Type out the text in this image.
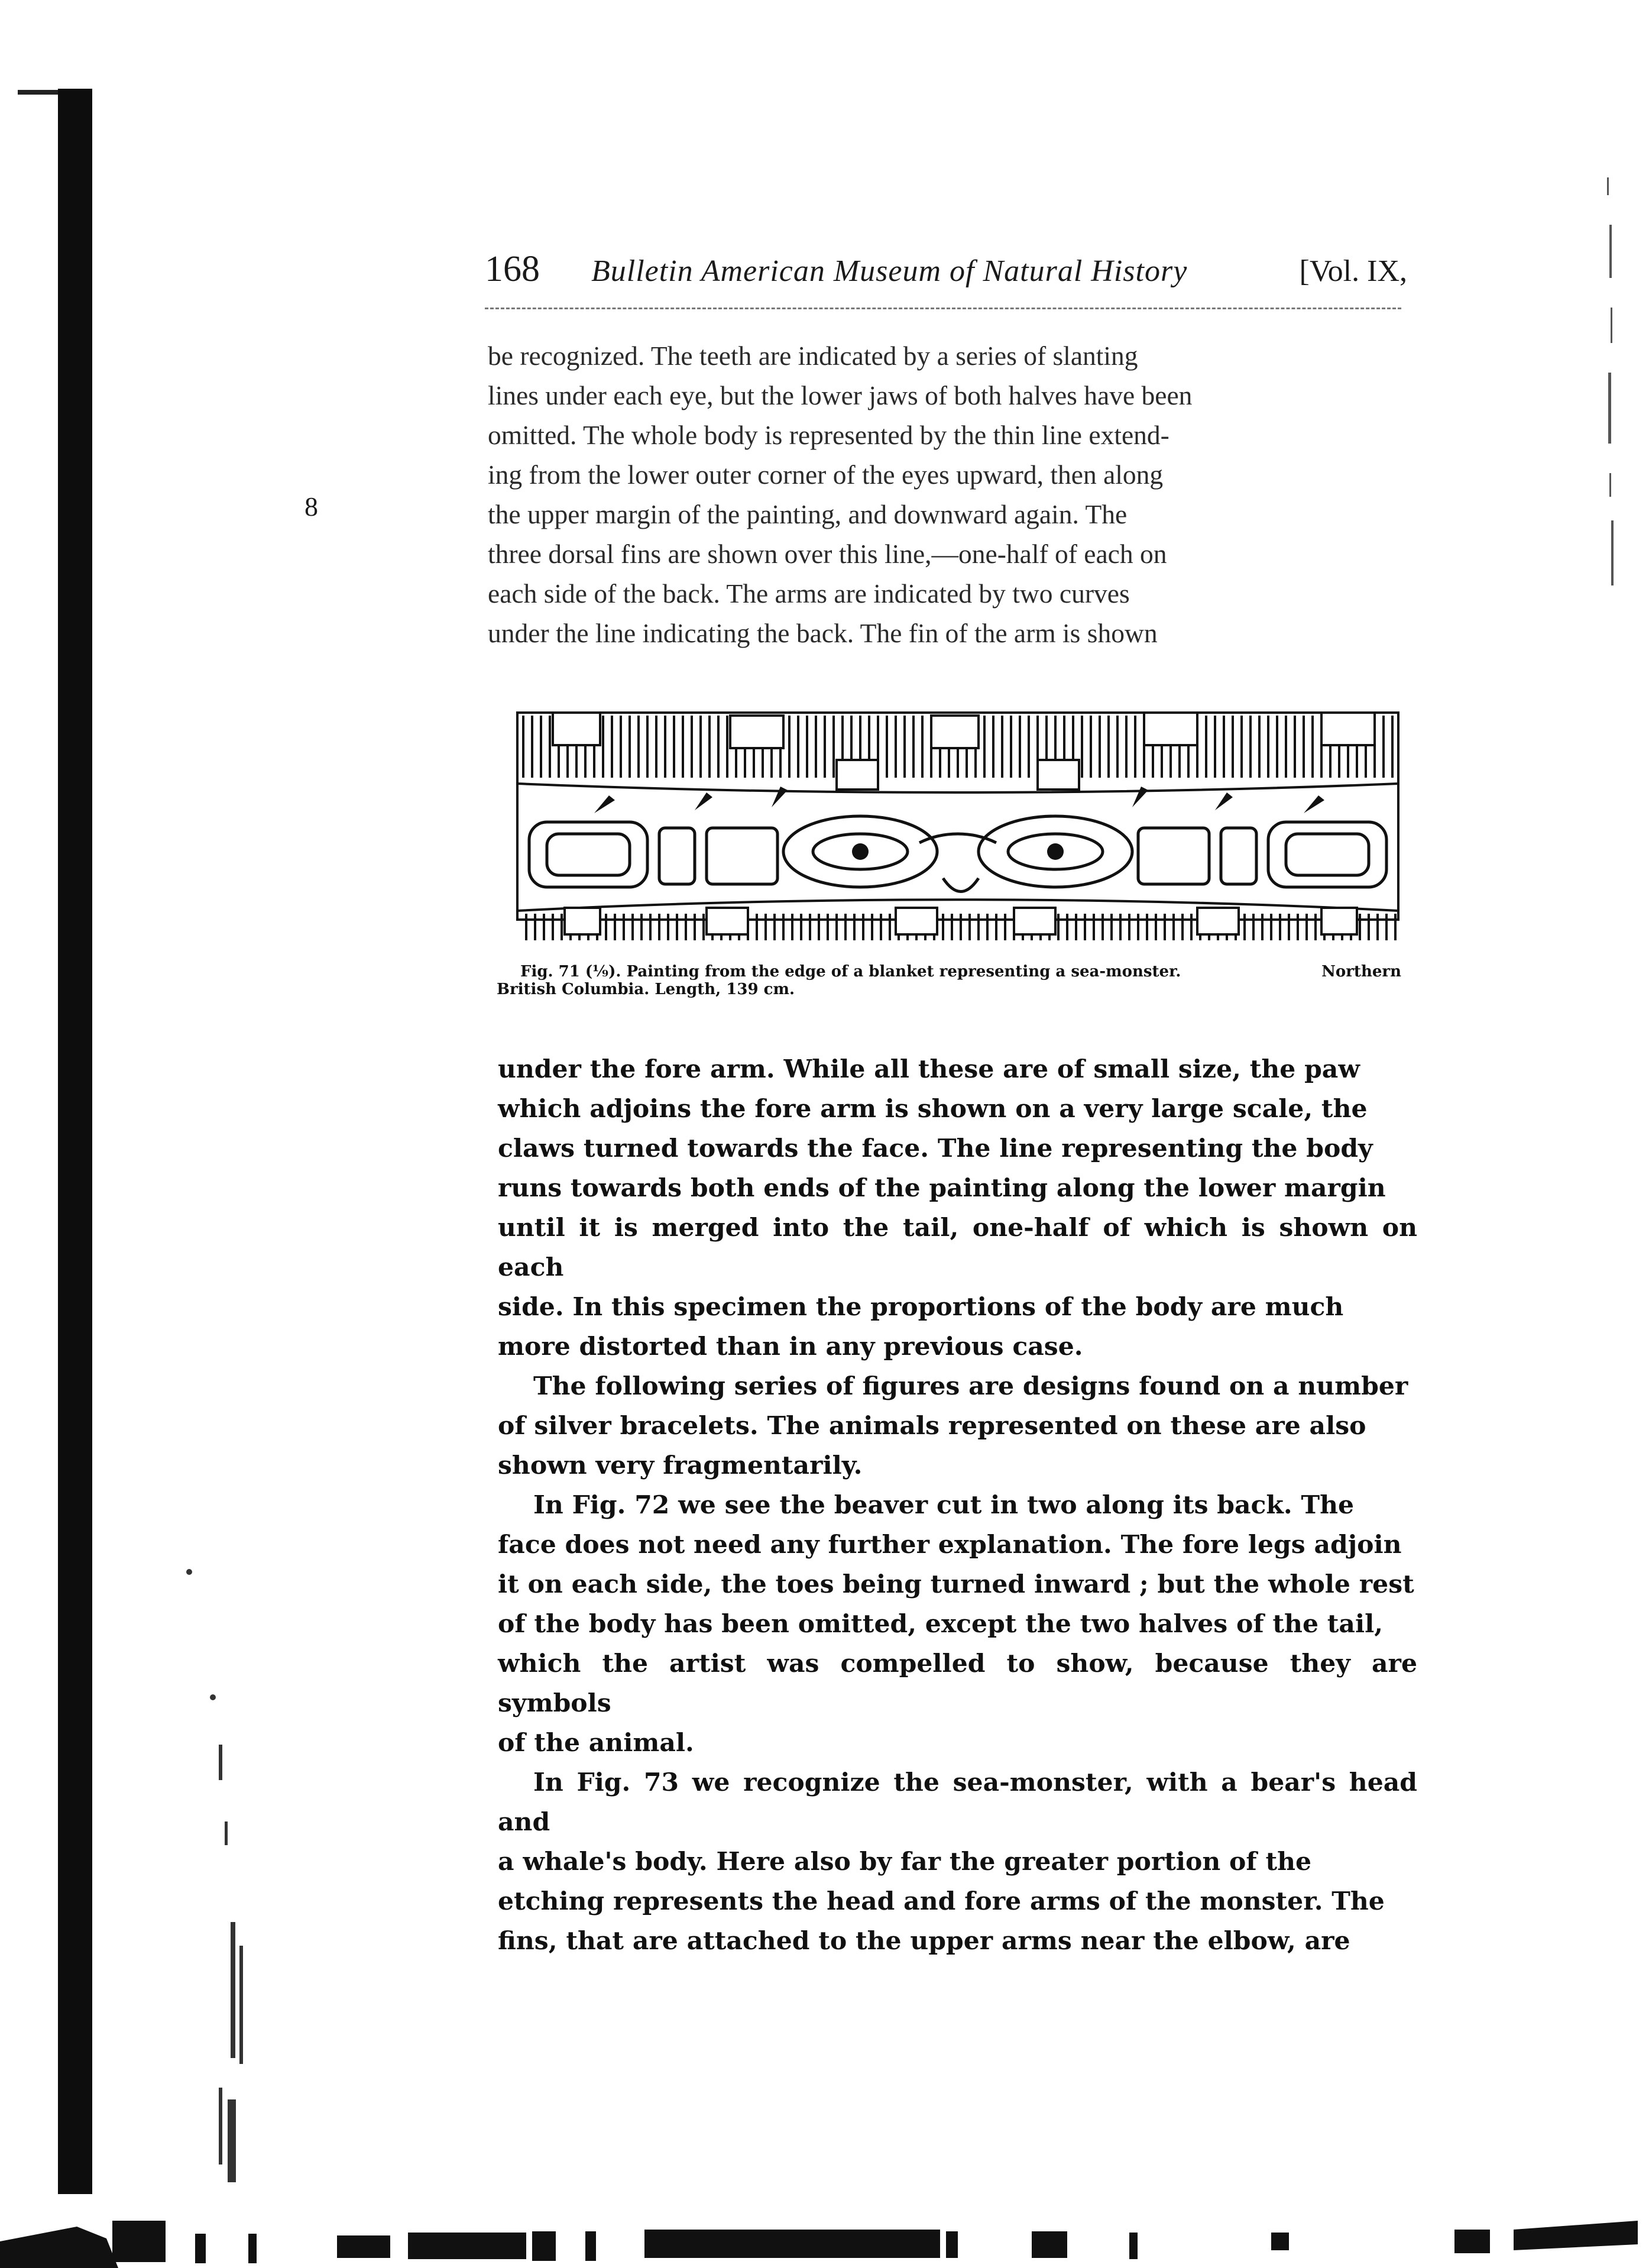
168	Bulletin American Museum of Natural History	[Vol. IX,
8

be recognized. The teeth are indicated by a series of slanting

lines under each eye, but the lower jaws of both halves have been

omitted. The whole body is represented by the thin line extend-

ing from the lower outer corner of the eyes upward, then along

the upper margin of the painting, and downward again. The

three dorsal fins are shown over this line,—one-half of each on

each side of the back. The arms are indicated by two curves

under the line indicating the back. The fin of the arm is shown

Fig. 71 (⅑). Painting from the edge of a blanket representing a sea-monster.	Northern
British Columbia. Length, 139 cm.

under the fore arm. While all these are of small size, the paw

which adjoins the fore arm is shown on a very large scale, the

claws turned towards the face. The line representing the body

runs towards both ends of the painting along the lower margin

until it is merged into the tail, one-half of which is shown on each

side. In this specimen the proportions of the body are much

more distorted than in any previous case.

The following series of figures are designs found on a number

of silver bracelets. The animals represented on these are also

shown very fragmentarily.

In Fig. 72 we see the beaver cut in two along its back. The

face does not need any further explanation. The fore legs adjoin

it on each side, the toes being turned inward ; but the whole rest

of the body has been omitted, except the two halves of the tail,

which the artist was compelled to show, because they are symbols

of the animal.

In Fig. 73 we recognize the sea-monster, with a bear's head and

a whale's body. Here also by far the greater portion of the

etching represents the head and fore arms of the monster. The

fins, that are attached to the upper arms near the elbow, are
